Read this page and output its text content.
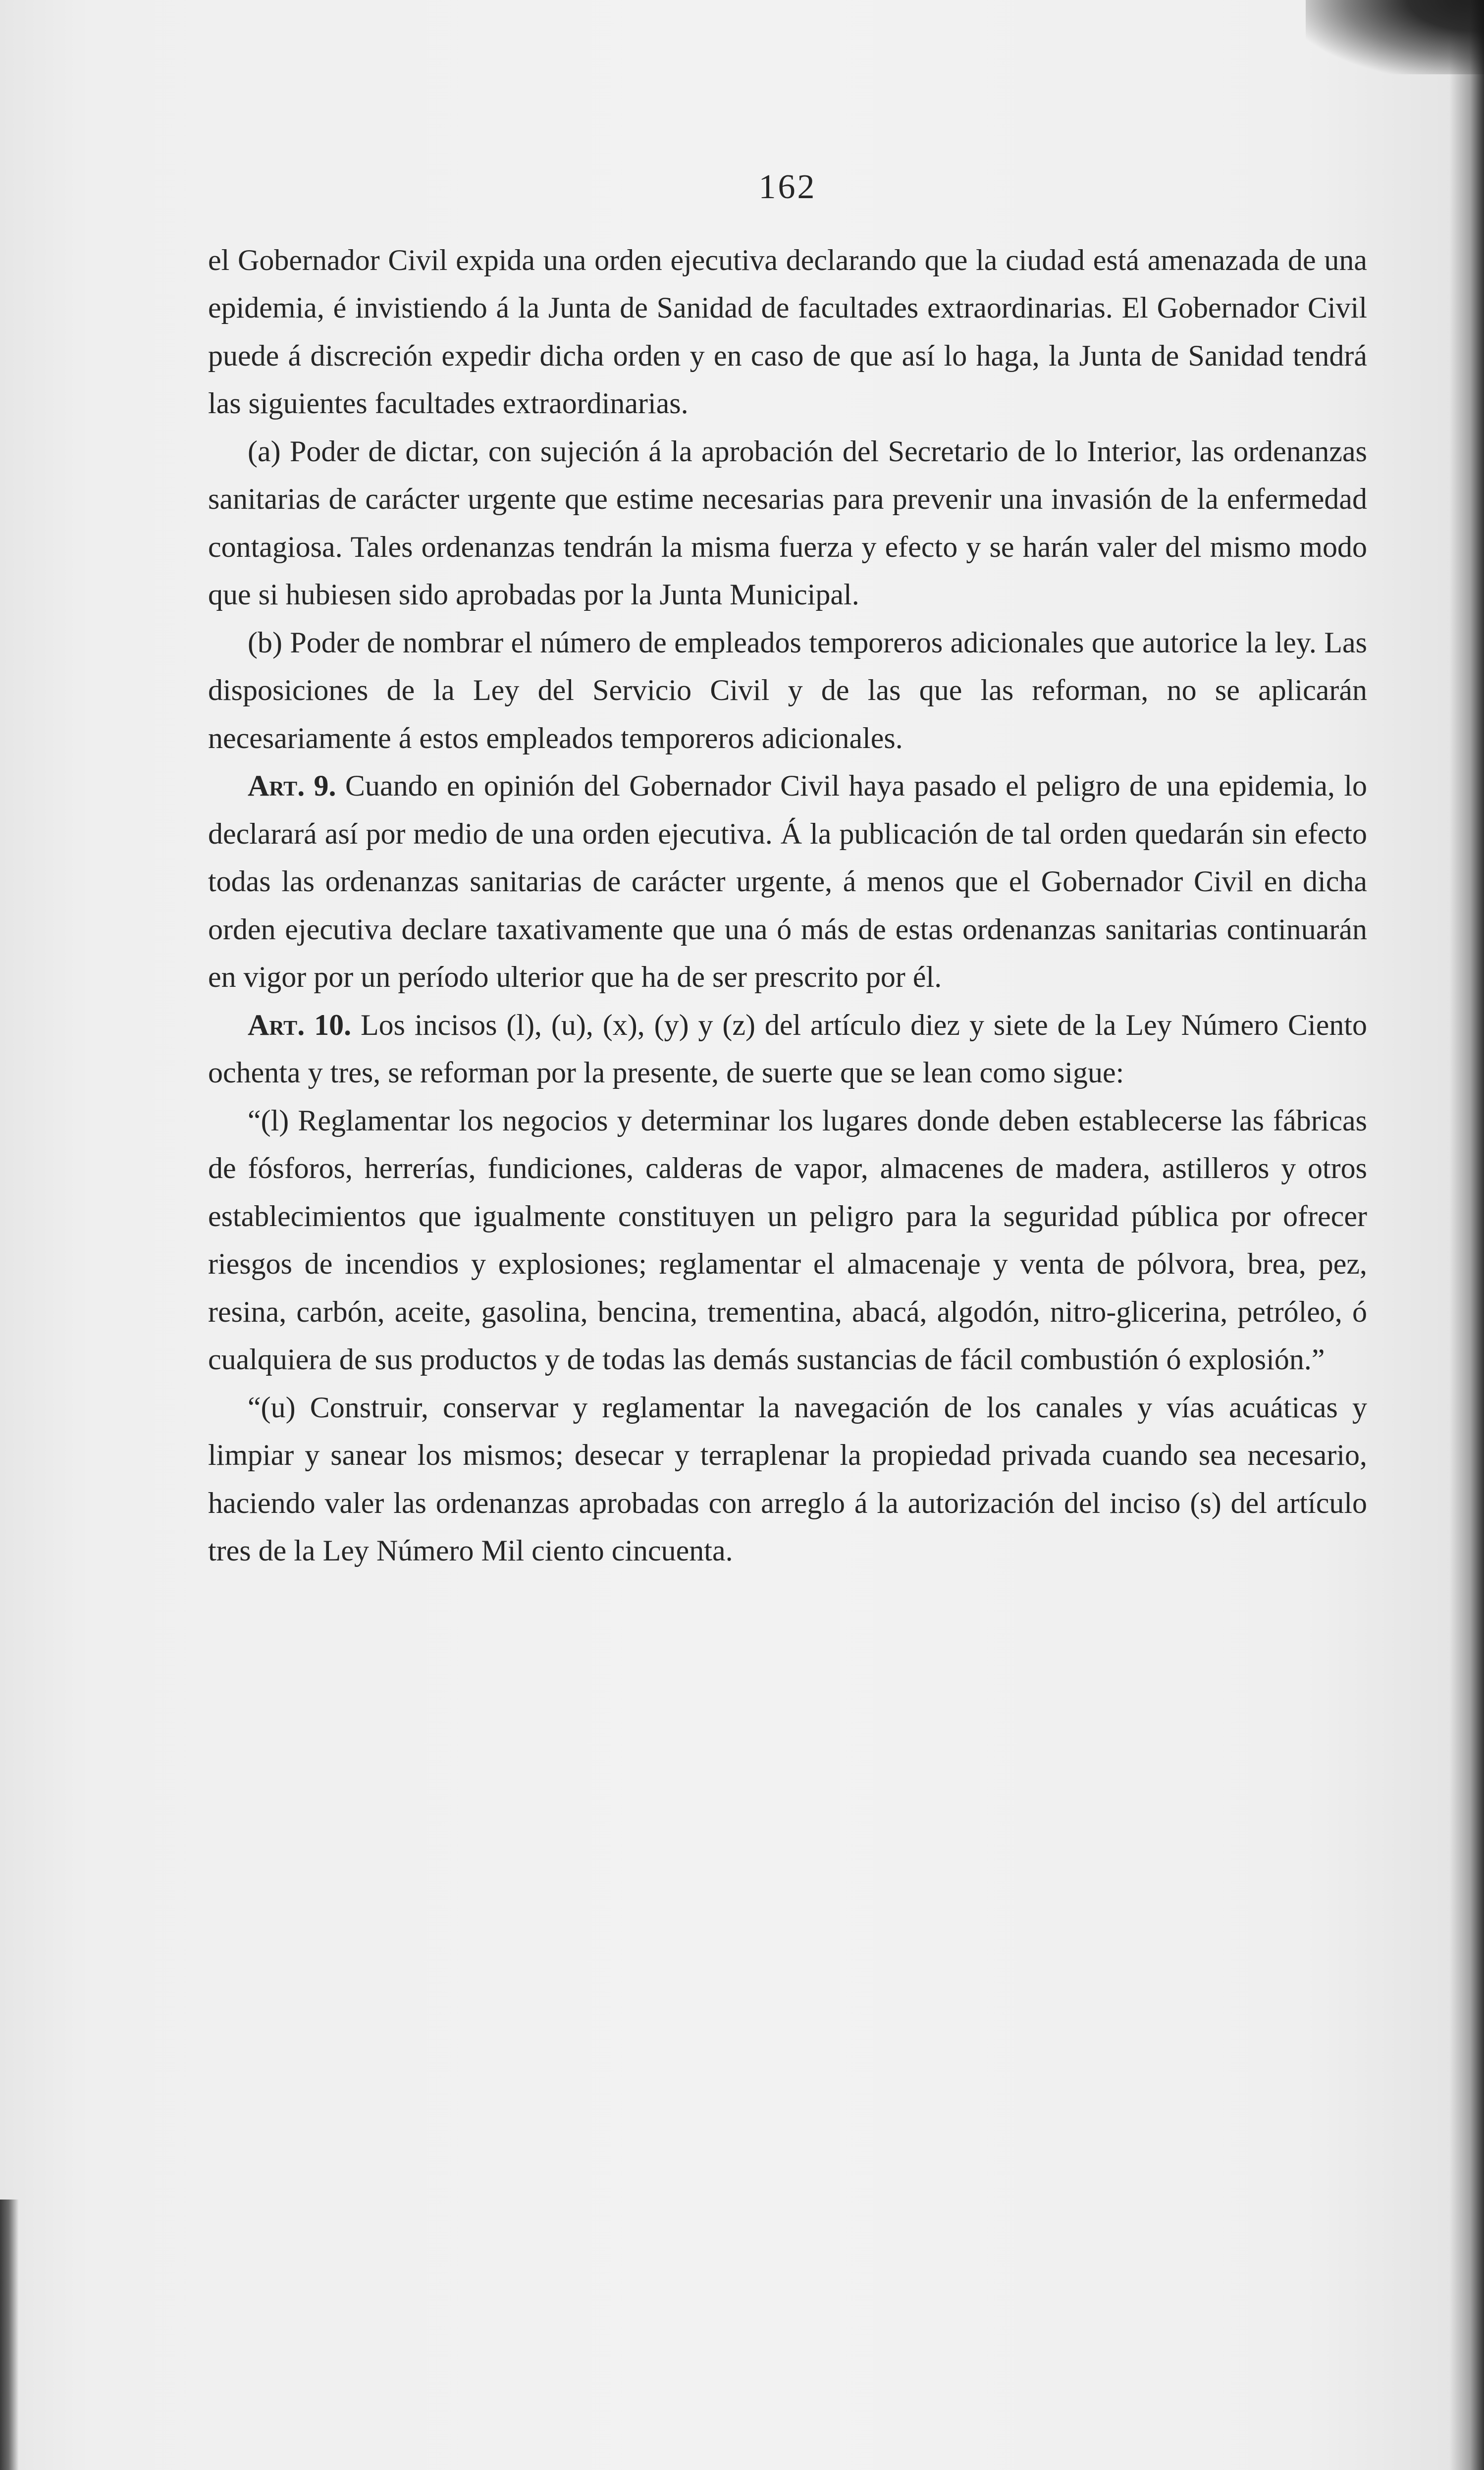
162

el Gobernador Civil expida una orden ejecutiva declarando que la ciudad está amenazada de una epidemia, é invistiendo á la Junta de Sanidad de facultades extraordinarias. El Gobernador Civil puede á discreción expedir dicha orden y en caso de que así lo haga, la Junta de Sanidad tendrá las siguientes facultades extraordinarias.

(a) Poder de dictar, con sujeción á la aprobación del Secretario de lo Interior, las ordenanzas sanitarias de carácter urgente que estime necesarias para prevenir una invasión de la enfermedad contagiosa. Tales ordenanzas tendrán la misma fuerza y efecto y se harán valer del mismo modo que si hubiesen sido aprobadas por la Junta Municipal.

(b) Poder de nombrar el número de empleados temporeros adicionales que autorice la ley. Las disposiciones de la Ley del Servicio Civil y de las que las reforman, no se aplicarán necesariamente á estos empleados temporeros adicionales.

Art. 9. Cuando en opinión del Gobernador Civil haya pasado el peligro de una epidemia, lo declarará así por medio de una orden ejecutiva. Á la publicación de tal orden quedarán sin efecto todas las ordenanzas sanitarias de carácter urgente, á menos que el Gobernador Civil en dicha orden ejecutiva declare taxativamente que una ó más de estas ordenanzas sanitarias continuarán en vigor por un período ulterior que ha de ser prescrito por él.

Art. 10. Los incisos (l), (u), (x), (y) y (z) del artículo diez y siete de la Ley Número Ciento ochenta y tres, se reforman por la presente, de suerte que se lean como sigue:

“(l) Reglamentar los negocios y determinar los lugares donde deben establecerse las fábricas de fósforos, herrerías, fundiciones, calderas de vapor, almacenes de madera, astilleros y otros establecimientos que igualmente constituyen un peligro para la seguridad pública por ofrecer riesgos de incendios y explosiones; reglamentar el almacenaje y venta de pólvora, brea, pez, resina, carbón, aceite, gasolina, bencina, trementina, abacá, algodón, nitro-glicerina, petróleo, ó cualquiera de sus productos y de todas las demás sustancias de fácil combustión ó explosión.”

“(u) Construir, conservar y reglamentar la navegación de los canales y vías acuáticas y limpiar y sanear los mismos; desecar y terraplenar la propiedad privada cuando sea necesario, haciendo valer las ordenanzas aprobadas con arreglo á la autorización del inciso (s) del artículo tres de la Ley Número Mil ciento cincuenta.
